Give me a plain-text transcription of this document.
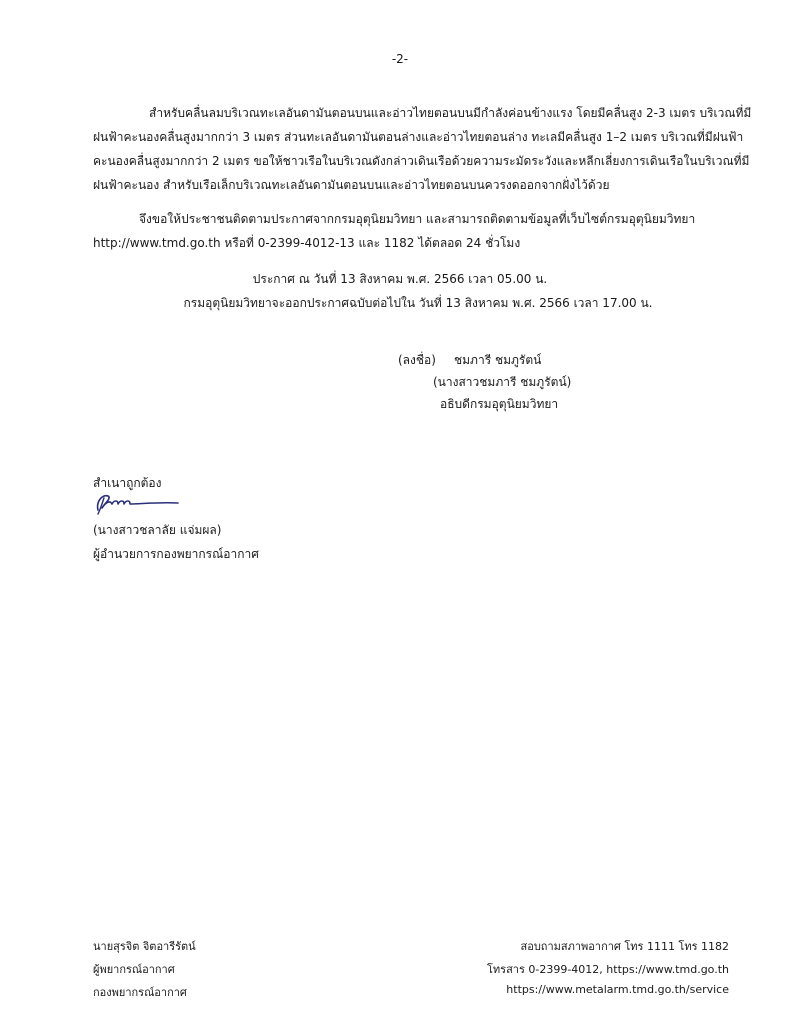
-2-
สำหรับคลื่นลมบริเวณทะเลอันดามันตอนบนและอ่าวไทยตอนบนมีกำลังค่อนข้างแรง โดยมีคลื่นสูง 2-3 เมตร บริเวณที่มี
ฝนฟ้าคะนองคลื่นสูงมากกว่า 3 เมตร ส่วนทะเลอันดามันตอนล่างและอ่าวไทยตอนล่าง ทะเลมีคลื่นสูง 1–2 เมตร บริเวณที่มีฝนฟ้า
คะนองคลื่นสูงมากกว่า 2 เมตร ขอให้ชาวเรือในบริเวณดังกล่าวเดินเรือด้วยความระมัดระวังและหลีกเลี่ยงการเดินเรือในบริเวณที่มี
ฝนฟ้าคะนอง สำหรับเรือเล็กบริเวณทะเลอันดามันตอนบนและอ่าวไทยตอนบนควรงดออกจากฝั่งไว้ด้วย
จึงขอให้ประชาชนติดตามประกาศจากกรมอุตุนิยมวิทยา และสามารถติดตามข้อมูลที่เว็บไซต์กรมอุตุนิยมวิทยา
http://www.tmd.go.th หรือที่ 0-2399-4012-13 และ 1182 ได้ตลอด 24 ชั่วโมง
ประกาศ ณ วันที่ 13 สิงหาคม พ.ศ. 2566 เวลา 05.00 น.
กรมอุตุนิยมวิทยาจะออกประกาศฉบับต่อไปใน วันที่ 13 สิงหาคม พ.ศ. 2566 เวลา 17.00 น.
(ลงชื่อ) ชมภารี ชมภูรัตน์
(นางสาวชมภารี ชมภูรัตน์)
อธิบดีกรมอุตุนิยมวิทยา
สำเนาถูกต้อง
(นางสาวชลาลัย แจ่มผล)
ผู้อำนวยการกองพยากรณ์อากาศ
นายสุรจิต จิตอารีรัตน์
ผู้พยากรณ์อากาศ
กองพยากรณ์อากาศ
สอบถามสภาพอากาศ โทร 1111 โทร 1182
โทรสาร 0-2399-4012, https://www.tmd.go.th
https://www.metalarm.tmd.go.th/service
